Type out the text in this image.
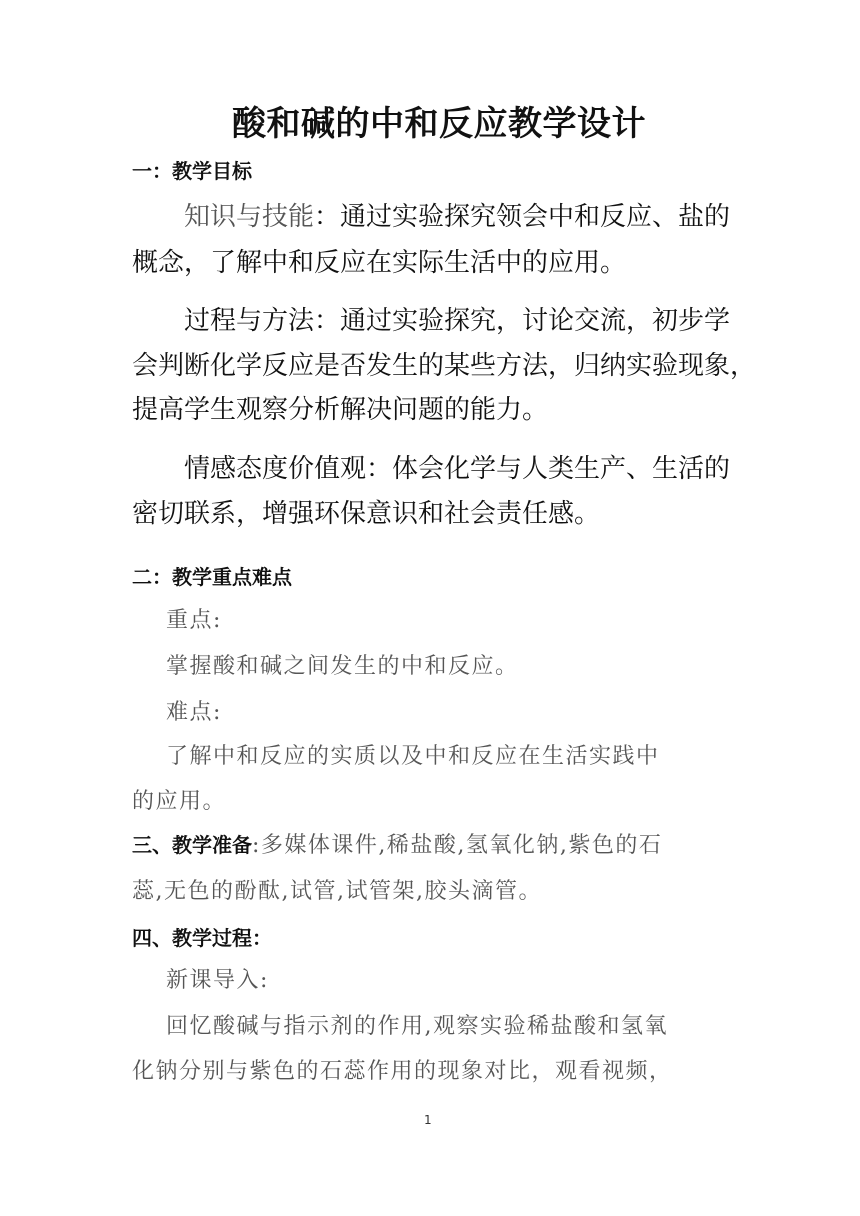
酸和碱的中和反应教学设计
一：教学目标
知识与技能：通过实验探究领会中和反应、盐的
概念，了解中和反应在实际生活中的应用。
过程与方法：通过实验探究，讨论交流，初步学
会判断化学反应是否发生的某些方法，归纳实验现象，
提高学生观察分析解决问题的能力。
情感态度价值观：体会化学与人类生产、生活的
密切联系，增强环保意识和社会责任感。
二：教学重点难点
重点:
掌握酸和碱之间发生的中和反应。
难点:
了解中和反应的实质以及中和反应在生活实践中
的应用。
三、教学准备:多媒体课件,稀盐酸,氢氧化钠,紫色的石
蕊,无色的酚酞,试管,试管架,胶头滴管。
四、教学过程：
新课导入:
回忆酸碱与指示剂的作用,观察实验稀盐酸和氢氧
化钠分别与紫色的石蕊作用的现象对比，观看视频，
1
